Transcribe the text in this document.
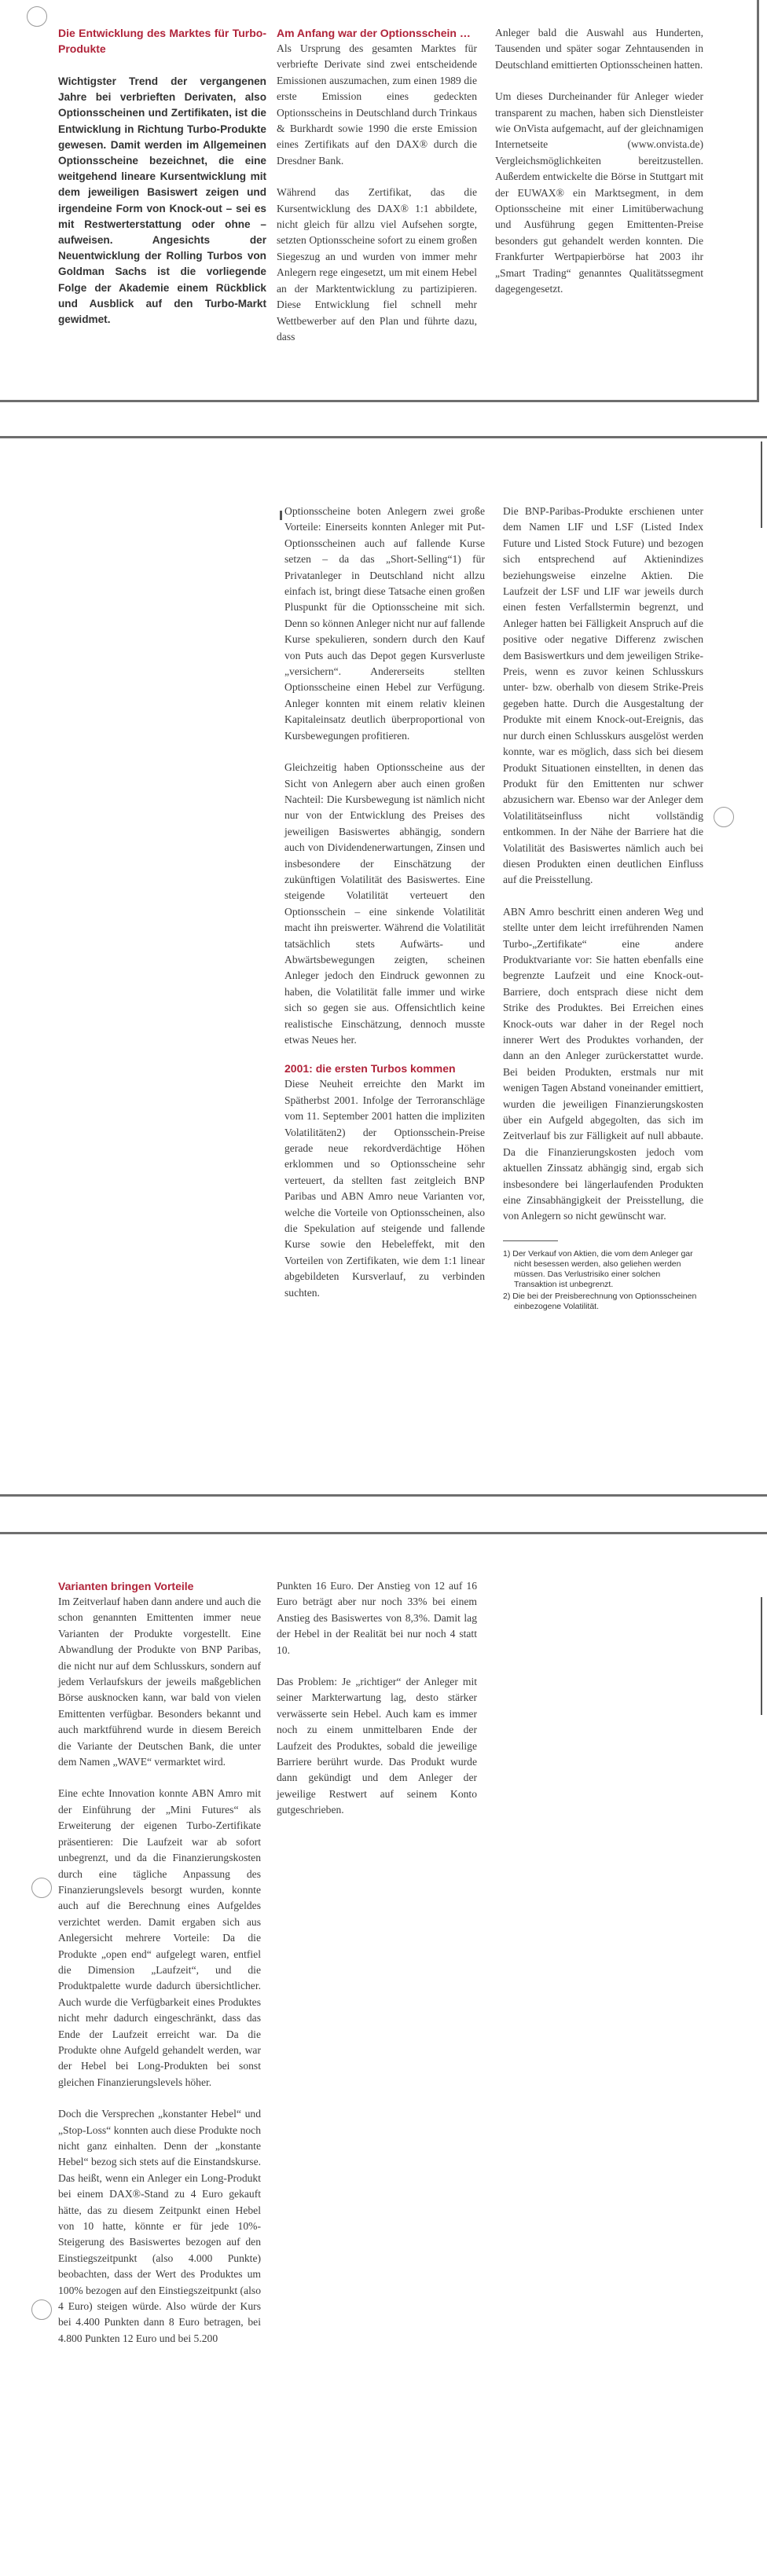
Die Entwicklung des Marktes für Turbo-Produkte
Wichtigster Trend der vergangenen Jahre bei verbrieften Derivaten, also Optionsscheinen und Zertifikaten, ist die Entwicklung in Richtung Turbo-Produkte gewesen. Damit werden im Allgemeinen Optionsscheine bezeichnet, die eine weitgehend lineare Kursentwicklung mit dem jeweiligen Basiswert zeigen und irgendeine Form von Knock-out – sei es mit Restwerterstattung oder ohne – aufweisen. Angesichts der Neuentwicklung der Rolling Turbos von Goldman Sachs ist die vorliegende Folge der Akademie einem Rückblick und Ausblick auf den Turbo-Markt gewidmet.
Am Anfang war der Optionsschein …

Als Ursprung des gesamten Marktes für verbriefte Derivate sind zwei entscheidende Emissionen auszumachen, zum einen 1989 die erste Emission eines gedeckten Optionsscheins in Deutschland durch Trinkaus & Burkhardt sowie 1990 die erste Emission eines Zertifikats auf den DAX® durch die Dresdner Bank.

Während das Zertifikat, das die Kursentwicklung des DAX® 1:1 abbildete, nicht gleich für allzu viel Aufsehen sorgte, setzten Optionsscheine sofort zu einem großen Siegeszug an und wurden von immer mehr Anlegern rege eingesetzt, um mit einem Hebel an der Marktentwicklung zu partizipieren. Diese Entwicklung fiel schnell mehr Wettbewerber auf den Plan und führte dazu, dass

Anleger bald die Auswahl aus Hunderten, Tausenden und später sogar Zehntausenden in Deutschland emittierten Optionsscheinen hatten.

Um dieses Durcheinander für Anleger wieder transparent zu machen, haben sich Dienstleister wie OnVista aufgemacht, auf der gleichnamigen Internetseite (www.onvista.de) Vergleichsmöglichkeiten bereitzustellen. Außerdem entwickelte die Börse in Stuttgart mit der EUWAX® ein Marktsegment, in dem Optionsscheine mit einer Limitüberwachung und Ausführung gegen Emittenten-Preise besonders gut gehandelt werden konnten. Die Frankfurter Wertpapierbörse hat 2003 ihr „Smart Trading“ genanntes Qualitätssegment dagegengesetzt.

Optionsscheine boten Anlegern zwei große Vorteile: Einerseits konnten Anleger mit Put-Optionsscheinen auch auf fallende Kurse setzen – da das „Short-Selling“1) für Privatanleger in Deutschland nicht allzu einfach ist, bringt diese Tatsache einen großen Pluspunkt für die Optionsscheine mit sich. Denn so können Anleger nicht nur auf fallende Kurse spekulieren, sondern durch den Kauf von Puts auch das Depot gegen Kursverluste „versichern“. Andererseits stellten Optionsscheine einen Hebel zur Verfügung. Anleger konnten mit einem relativ kleinen Kapitaleinsatz deutlich überproportional von Kursbewegungen profitieren.

Gleichzeitig haben Optionsscheine aus der Sicht von Anlegern aber auch einen großen Nachteil: Die Kursbewegung ist nämlich nicht nur von der Entwicklung des Preises des jeweiligen Basiswertes abhängig, sondern auch von Dividendenerwartungen, Zinsen und insbesondere der Einschätzung der zukünftigen Volatilität des Basiswertes. Eine steigende Volatilität verteuert den Optionsschein – eine sinkende Volatilität macht ihn preiswerter. Während die Volatilität tatsächlich stets Aufwärts- und Abwärtsbewegungen zeigten, scheinen Anleger jedoch den Eindruck gewonnen zu haben, die Volatilität falle immer und wirke sich so gegen sie aus. Offensichtlich keine realistische Einschätzung, dennoch musste etwas Neues her.

2001: die ersten Turbos kommen

Diese Neuheit erreichte den Markt im Spätherbst 2001. Infolge der Terroranschläge vom 11. September 2001 hatten die impliziten Volatilitäten2) der Optionsschein-Preise gerade neue rekordverdächtige Höhen erklommen und so Optionsscheine sehr verteuert, da stellten fast zeitgleich BNP Paribas und ABN Amro neue Varianten vor, welche die Vorteile von Optionsscheinen, also die Spekulation auf steigende und fallende Kurse sowie den Hebeleffekt, mit den Vorteilen von Zertifikaten, wie dem 1:1 linear abgebildeten Kursverlauf, zu verbinden suchten.

Die BNP-Paribas-Produkte erschienen unter dem Namen LIF und LSF (Listed Index Future und Listed Stock Future) und bezogen sich entsprechend auf Aktienindizes beziehungsweise einzelne Aktien. Die Laufzeit der LSF und LIF war jeweils durch einen festen Verfallstermin begrenzt, und Anleger hatten bei Fälligkeit Anspruch auf die positive oder negative Differenz zwischen dem Basiswertkurs und dem jeweiligen Strike-Preis, wenn es zuvor keinen Schlusskurs unter- bzw. oberhalb von diesem Strike-Preis gegeben hatte. Durch die Ausgestaltung der Produkte mit einem Knock-out-Ereignis, das nur durch einen Schlusskurs ausgelöst werden konnte, war es möglich, dass sich bei diesem Produkt Situationen einstellten, in denen das Produkt für den Emittenten nur schwer abzusichern war. Ebenso war der Anleger dem Volatilitätseinfluss nicht vollständig entkommen. In der Nähe der Barriere hat die Volatilität des Basiswertes nämlich auch bei diesen Produkten einen deutlichen Einfluss auf die Preisstellung.

ABN Amro beschritt einen anderen Weg und stellte unter dem leicht irreführenden Namen Turbo-„Zertifikate“ eine andere Produktvariante vor: Sie hatten ebenfalls eine begrenzte Laufzeit und eine Knock-out-Barriere, doch entsprach diese nicht dem Strike des Produktes. Bei Erreichen eines Knock-outs war daher in der Regel noch innerer Wert des Produktes vorhanden, der dann an den Anleger zurückerstattet wurde. Bei beiden Produkten, erstmals nur mit wenigen Tagen Abstand voneinander emittiert, wurden die jeweiligen Finanzierungskosten über ein Aufgeld abgegolten, das sich im Zeitverlauf bis zur Fälligkeit auf null abbaute. Da die Finanzierungskosten jedoch vom aktuellen Zinssatz abhängig sind, ergab sich insbesondere bei längerlaufenden Produkten eine Zinsabhängigkeit der Preisstellung, die von Anlegern so nicht gewünscht war.

1) Der Verkauf von Aktien, die vom dem Anleger gar nicht besessen werden, also geliehen werden müssen. Das Verlustrisiko einer solchen Transaktion ist unbegrenzt.
2) Die bei der Preisberechnung von Optionsscheinen einbezogene Volatilität.
Varianten bringen Vorteile

Im Zeitverlauf haben dann andere und auch die schon genannten Emittenten immer neue Varianten der Produkte vorgestellt. Eine Abwandlung der Produkte von BNP Paribas, die nicht nur auf dem Schlusskurs, sondern auf jedem Verlaufskurs der jeweils maßgeblichen Börse ausknocken kann, war bald von vielen Emittenten verfügbar. Besonders bekannt und auch marktführend wurde in diesem Bereich die Variante der Deutschen Bank, die unter dem Namen „WAVE“ vermarktet wird.

Eine echte Innovation konnte ABN Amro mit der Einführung der „Mini Futures“ als Erweiterung der eigenen Turbo-Zertifikate präsentieren: Die Laufzeit war ab sofort unbegrenzt, und da die Finanzierungskosten durch eine tägliche Anpassung des Finanzierungslevels besorgt wurden, konnte auch auf die Berechnung eines Aufgeldes verzichtet werden. Damit ergaben sich aus Anlegersicht mehrere Vorteile: Da die Produkte „open end“ aufgelegt waren, entfiel die Dimension „Laufzeit“, und die Produktpalette wurde dadurch übersichtlicher. Auch wurde die Verfügbarkeit eines Produktes nicht mehr dadurch eingeschränkt, dass das Ende der Laufzeit erreicht war. Da die Produkte ohne Aufgeld gehandelt werden, war der Hebel bei Long-Produkten bei sonst gleichen Finanzierungslevels höher.

Doch die Versprechen „konstanter Hebel“ und „Stop-Loss“ konnten auch diese Produkte noch nicht ganz einhalten. Denn der „konstante Hebel“ bezog sich stets auf die Einstandskurse. Das heißt, wenn ein Anleger ein Long-Produkt bei einem DAX®-Stand zu 4 Euro gekauft hätte, das zu diesem Zeitpunkt einen Hebel von 10 hatte, könnte er für jede 10%-Steigerung des Basiswertes bezogen auf den Einstiegszeitpunkt (also 4.000 Punkte) beobachten, dass der Wert des Produktes um 100% bezogen auf den Einstiegszeitpunkt (also 4 Euro) steigen würde. Also würde der Kurs bei 4.400 Punkten dann 8 Euro betragen, bei 4.800 Punkten 12 Euro und bei 5.200

Punkten 16 Euro. Der Anstieg von 12 auf 16 Euro beträgt aber nur noch 33% bei einem Anstieg des Basiswertes von 8,3%. Damit lag der Hebel in der Realität bei nur noch 4 statt 10.

Das Problem: Je „richtiger“ der Anleger mit seiner Markterwartung lag, desto stärker verwässerte sein Hebel. Auch kam es immer noch zu einem unmittelbaren Ende der Laufzeit des Produktes, sobald die jeweilige Barriere berührt wurde. Das Produkt wurde dann gekündigt und dem Anleger der jeweilige Restwert auf seinem Konto gutgeschrieben.
